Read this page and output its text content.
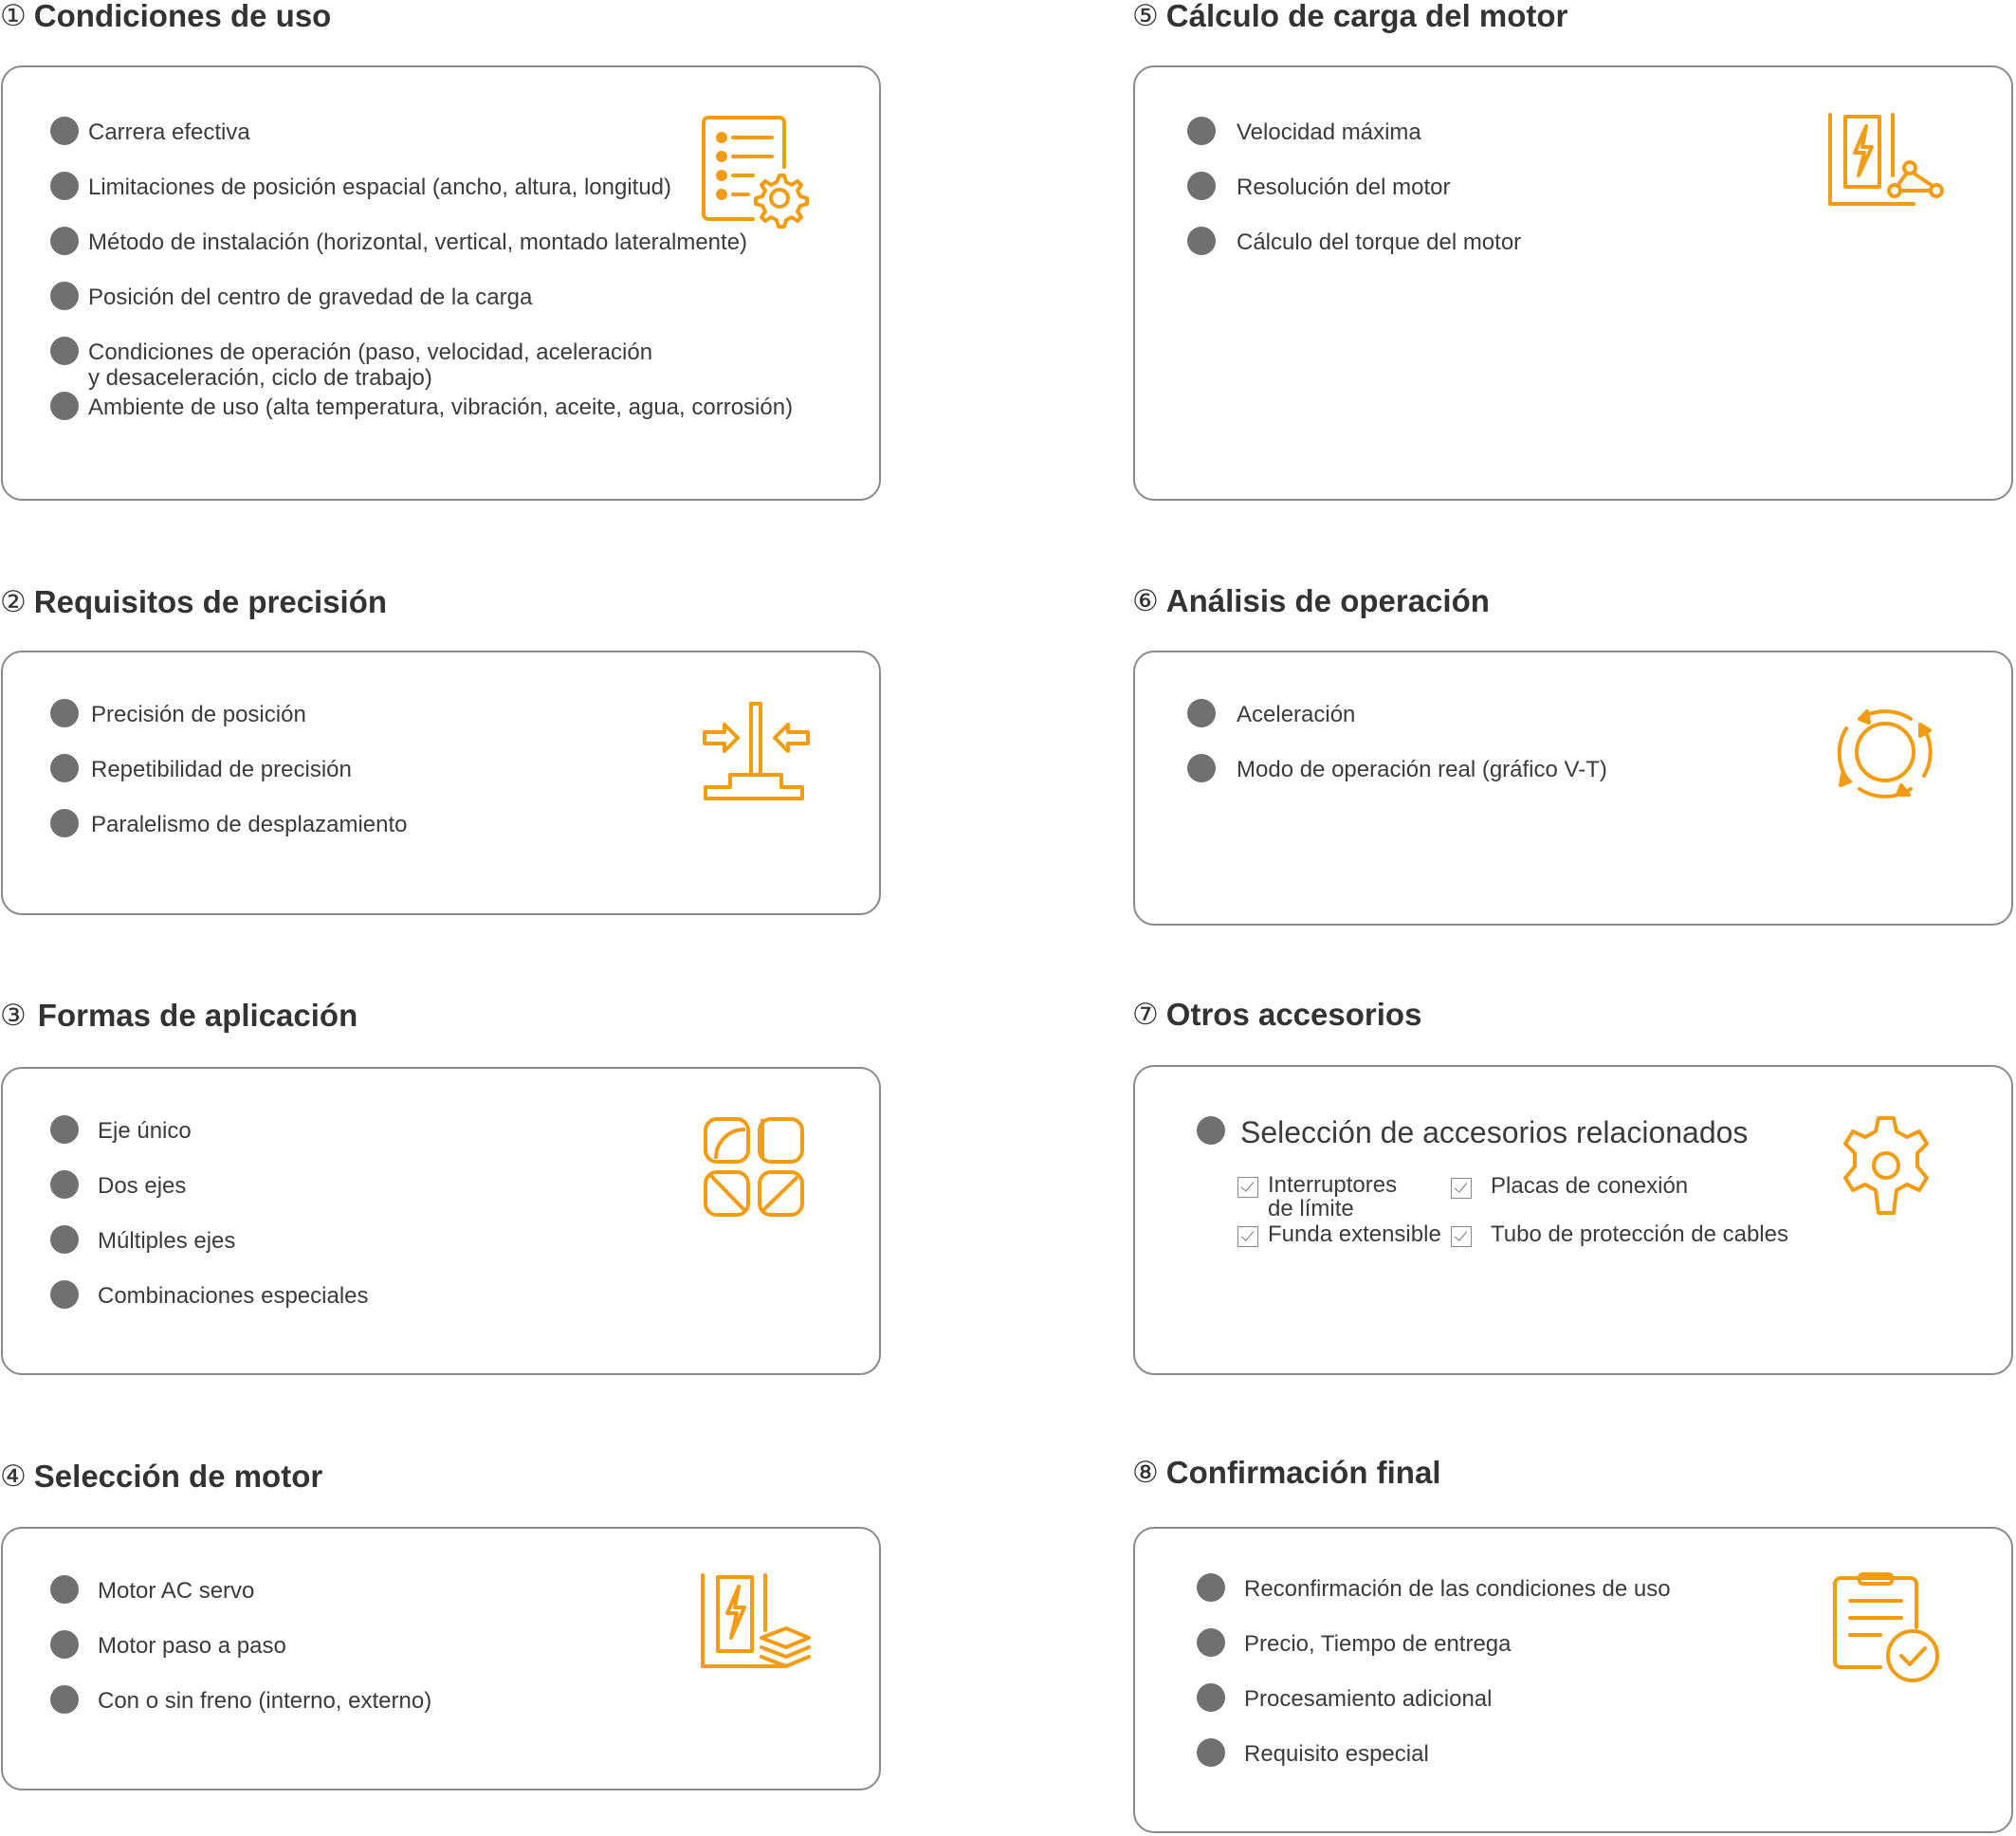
① Condiciones de uso
Carrera efectiva
Limitaciones de posición espacial (ancho, altura, longitud)
Método de instalación (horizontal, vertical, montado lateralmente)
Posición del centro de gravedad de la carga
Condiciones de operación (paso, velocidad, aceleración
y desaceleración, ciclo de trabajo)
Ambiente de uso (alta temperatura, vibración, aceite, agua, corrosión)
② Requisitos de precisión
Precisión de posición
Repetibilidad de precisión
Paralelismo de desplazamiento
③ Formas de aplicación
Eje único
Dos ejes
Múltiples ejes
Combinaciones especiales
④ Selección de motor
Motor AC servo
Motor paso a paso
Con o sin freno (interno, externo)
⑤ Cálculo de carga del motor
Velocidad máxima
Resolución del motor
Cálculo del torque del motor
⑥ Análisis de operación
Aceleración
Modo de operación real (gráfico V-T)
⑦ Otros accesorios
Selección de accesorios relacionados
Interruptores
de límite
Placas de conexión
Funda extensible Tubo de protección de cables
⑧ Confirmación final
Reconfirmación de las condiciones de uso
Precio, Tiempo de entrega
Procesamiento adicional
Requisito especial
